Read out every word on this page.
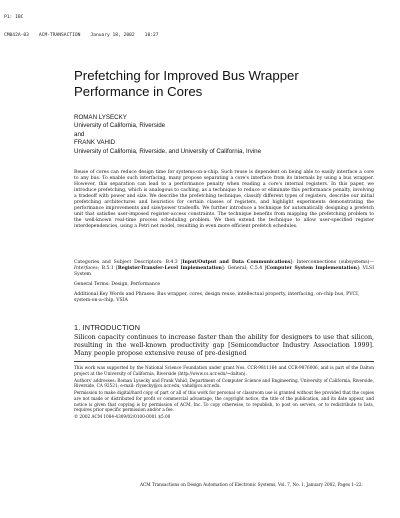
P1: IBC

CM042A-03 ACM-TRANSACTION January 18, 2002 10:27

Prefetching for Improved Bus Wrapper Performance in Cores
ROMAN LYSECKY
University of California, Riverside
and
FRANK VAHID
University of California, Riverside, and University of California, Irvine
Reuse of cores can reduce design time for systems-on-a-chip. Such reuse is dependent on being able to easily interface a core to any bus. To enable such interfacing, many propose separating a core's interface from its internals by using a bus wrapper. However, this separation can lead to a performance penalty when reading a core's internal registers. In this paper, we introduce prefetching, which is analogous to caching, as a technique to reduce or eliminate this performance penalty, involving a tradeoff with power and size. We describe the prefetching technique, classify different types of registers, describe our initial prefetching architectures and heuristics for certain classes of registers, and highlight experiments demonstrating the performance improvements and size/power tradeoffs. We further introduce a technique for automatically designing a prefetch unit that satisfies user-imposed register-access constraints. The technique benefits from mapping the prefetching problem to the well-known real-time process scheduling problem. We then extend the technique to allow user-specified register interdependencies, using a Petri net model, resulting in even more efficient prefetch schedules.
Categories and Subject Descriptors: B.4.3 [Input/Output and Data Communications]: Interconnections (subsystems)—Interfaces; B.5.1 [Register-Transfer-Level Implementation]: General; C.5.4 [Computer System Implementation]: VLSI System
General Terms: Design, Performance
Additional Key Words and Phrases: Bus wrapper, cores, design reuse, intellectual property, interfacing, on-chip bus, PVCI, system-on-a-chip, VSIA
1. INTRODUCTION
Silicon capacity continues to increase faster than the ability for designers to use that silicon, resulting in the well-known productivity gap [Semiconductor Industry Association 1999]. Many people propose extensive reuse of pre-designed

This work was supported by the National Science Foundation under grant Nos. CCR-9811164 and CCR-9876006, and is part of the Dalton project at the University of California, Riverside (http://www.cs.ucr.edu/~dalton).

Authors' addresses: Roman Lysecky and Frank Vahid, Department of Computer Science and Engineering, University of California, Riverside, Riverside, CA 92521; e-mail: rlysecky@cs.ucr.edu; vahid@cs.ucr.edu.

Permission to make digital/hard copy of part or all of this work for personal or classroom use is granted without fee provided that the copies are not made or distributed for profit or commercial advantage, the copyright notice, the title of the publication, and its date appear, and notice is given that copying is by permission of ACM, Inc. To copy otherwise, to republish, to post on servers, or to redistribute to lists, requires prior specific permission and/or a fee.

© 2002 ACM 1084-4309/02/0100-0001 $5.00

ACM Transactions on Design Automation of Electronic Systems, Vol. 7, No. 1, January 2002, Pages 1–22.
